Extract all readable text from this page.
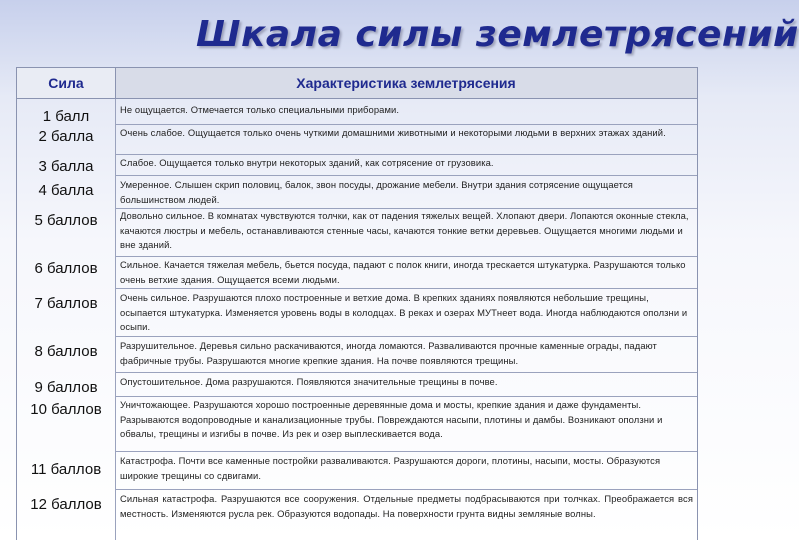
Шкала силы землетрясений
Сила	Характеристика землетрясения
1 балл
2 балла
3 балла
4 балла
5 баллов
6 баллов
7 баллов
8 баллов
9 баллов
10 баллов
11 баллов
12 баллов
Не ощущается. Отмечается только специальными приборами.
Очень слабое. Ощущается только очень чуткими домашними животными и некоторыми людьми в верхних этажах зданий.
Слабое. Ощущается только внутри некоторых зданий, как сотрясение от грузовика.
Умеренное. Слышен скрип половиц, балок, звон посуды, дрожание мебели. Внутри здания сотрясение ощущается большинством людей.
Довольно сильное. В комнатах чувствуются толчки, как от падения тяжелых вещей. Хлопают двери. Лопаются оконные стекла, качаются люстры и мебель, останавливаются стенные часы, качаются тонкие ветки деревьев. Ощущается многими людьми и вне зданий.
Сильное. Качается тяжелая мебель, бьется посуда, падают с полок книги, иногда трескается штукатурка. Разрушаются только очень ветхие здания. Ощущается всеми людьми.
Очень сильное. Разрушаются плохо построенные и ветхие дома. В крепких зданиях появляются небольшие трещины, осыпается штукатурка. Изменяется уровень воды в колодцах. В реках и озерах МУТнеет вода. Иногда наблюдаются оползни и осыпи.
Разрушительное. Деревья сильно раскачиваются, иногда ломаются. Разваливаются прочные каменные ограды, падают фабричные трубы. Разрушаются многие крепкие здания. На почве появляются трещины.
Опустошительное. Дома разрушаются. Появляются значительные трещины в почве.
Уничтожающее. Разрушаются хорошо построенные деревянные дома и мосты, крепкие здания и даже фундаменты. Разрываются водопроводные и канализационные трубы. Повреждаются насыпи, плотины и дамбы. Возникают оползни и обвалы, трещины и изгибы в почве. Из рек и озер выплескивается вода.
Катастрофа. Почти все каменные постройки разваливаются. Разрушаются дороги, плотины, насыпи, мосты. Образуются широкие трещины со сдвигами.
Сильная катастрофа. Разрушаются все сооружения. Отдельные предметы подбрасываются при толчках. Преображается вся местность. Изменяются русла рек. Образуются водопады. На поверхности грунта видны земляные волны.
